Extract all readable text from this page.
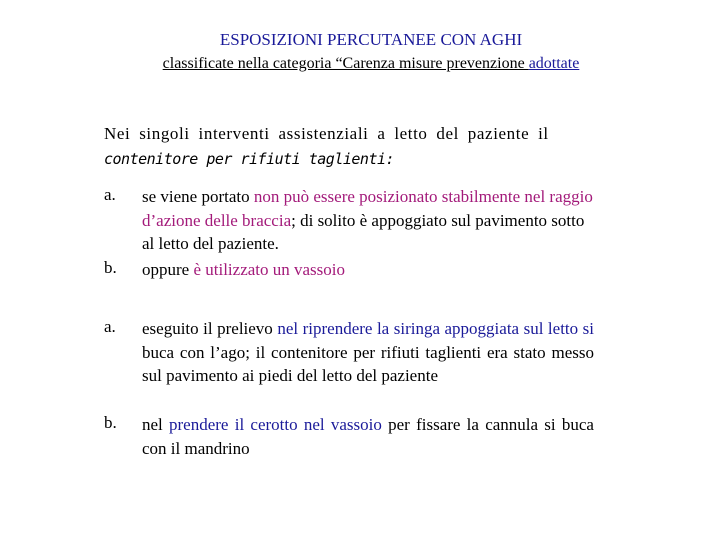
ESPOSIZIONI PERCUTANEE CON AGHI
classificate nella categoria “Carenza misure prevenzione adottate
Nei singoli interventi assistenziali a letto del paziente il
contenitore per rifiuti taglienti:
a. se viene portato non può essere posizionato stabilmente nel raggio d’azione delle braccia; di solito è appoggiato sul pavimento sotto al letto del paziente.
b. oppure è utilizzato un vassoio
a. eseguito il prelievo nel riprendere la siringa appoggiata sul letto si buca con l’ago; il contenitore per rifiuti taglienti era stato messo sul pavimento ai piedi del letto del paziente
b. nel prendere il cerotto nel vassoio per fissare la cannula si buca con il mandrino
